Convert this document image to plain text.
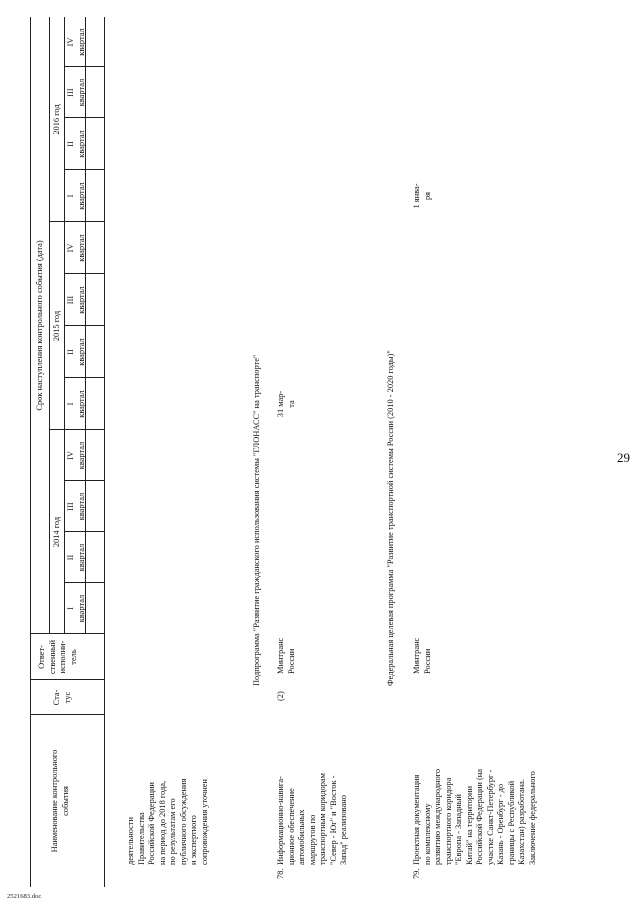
29
Наименование контрольного события
Ста- тус
Ответ- ственный исполни- тель
Срок наступления контрольного события (дата)
2014 год
2015 год
2016 год
I квартал
II квартал
III квартал
IV квартал
I квартал
II квартал
III квартал
IV квартал
I квартал
II квартал
III квартал
IV квартал
деятельности Правительства Российской Федерации на период до 2018 года, по результатам его публичного обсуждения и экспертного сопровождения уточнен
Подпрограмма "Развитие гражданского использования системы "ГЛОНАСС" на транспорте"
78.
Информационно-навига- ционное обеспечение автомобильных маршрутов по транспортным коридорам "Север - Юг" и "Восток - Запад" реализовано
(2)
Минтранс России
31 мар- та	Федеральная целевая программа "Развитие транспортной системы России (2010 - 2020 годы)"
79.
Проектная документация по комплексному развитию международного транспортного коридора "Европа - Западный Китай" на территории Российской Федерации (на участке Санкт-Петербург - Казань - Оренбург - до границы с Республикой Казахстан) разработана. Заключение федерального
Минтранс России
1 янва- ря
2521683.doc
